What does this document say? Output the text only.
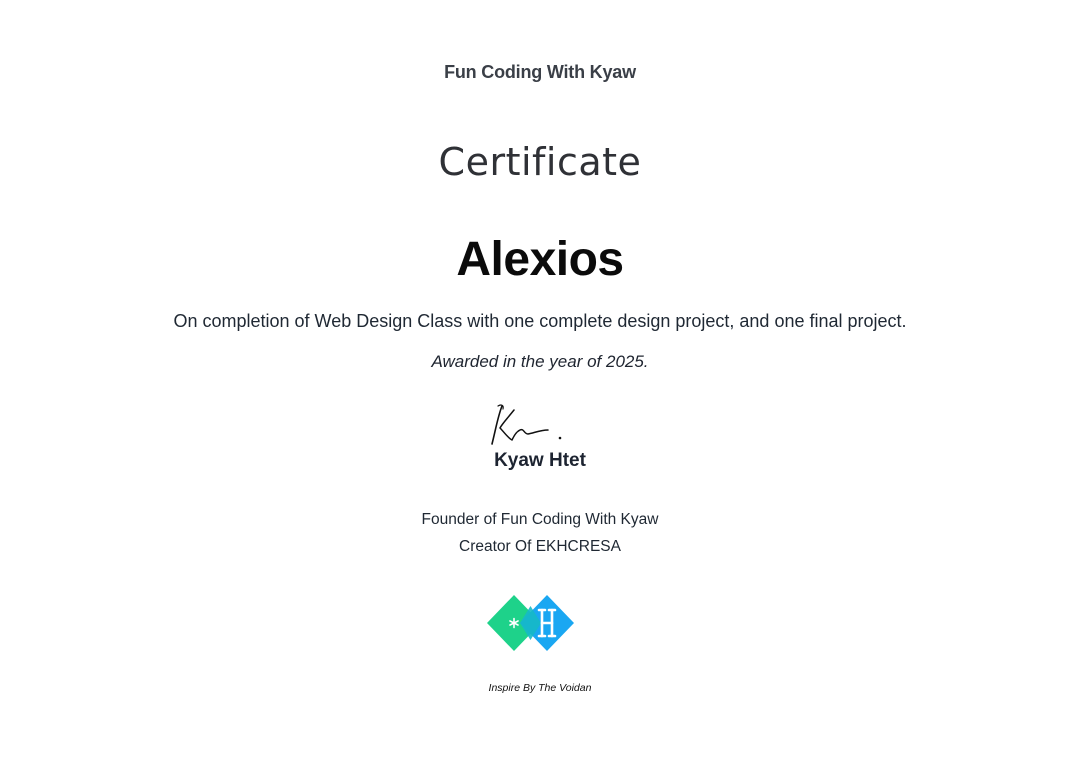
Fun Coding With Kyaw
Certificate
Alexios
On completion of Web Design Class with one complete design project, and one final project.
Awarded in the year of 2025.
Kyaw Htet
Founder of Fun Coding With Kyaw
Creator Of EKHCRESA
Inspire By The Voidan
